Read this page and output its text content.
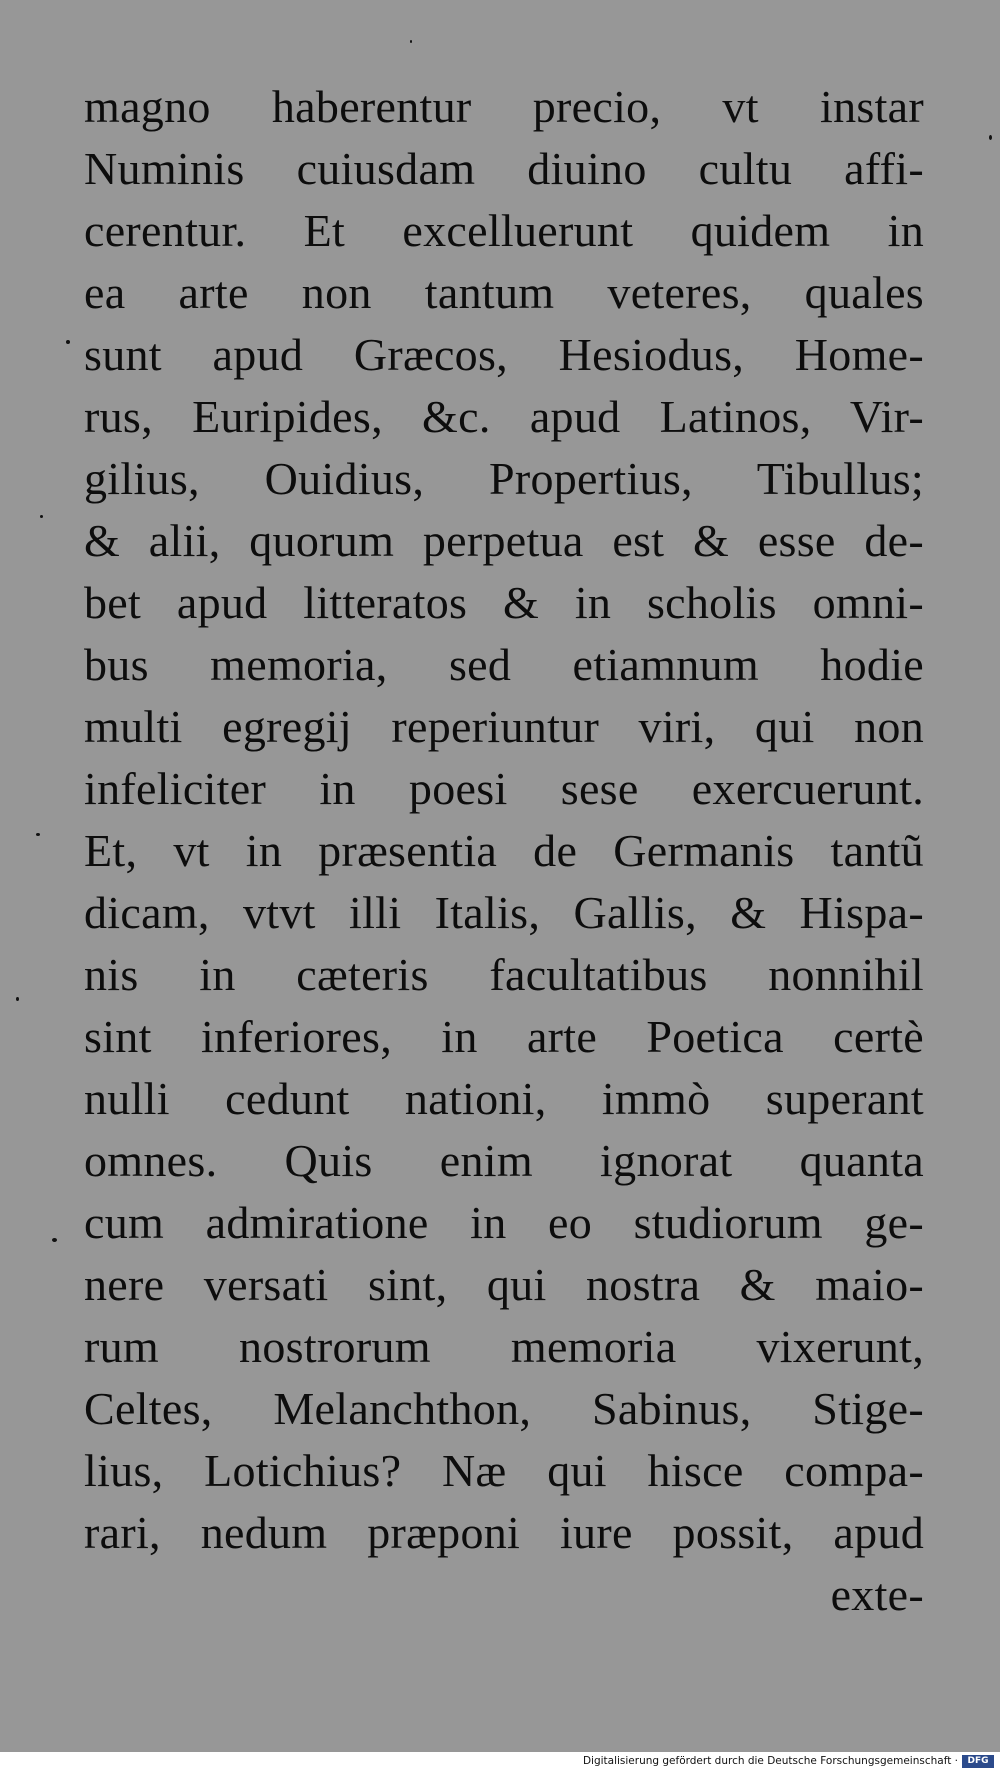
magno haberentur precio, vt instar
Numinis cuiusdam diuino cultu affi-
cerentur. Et excelluerunt quidem in
ea arte non tantum veteres, quales
sunt apud Græcos, Hesiodus, Home-
rus, Euripides, &c. apud Latinos, Vir-
gilius, Ouidius, Propertius, Tibullus;
& alii, quorum perpetua est & esse de-
bet apud litteratos & in scholis omni-
bus memoria, sed etiamnum hodie
multi egregij reperiuntur viri, qui non
infeliciter in poesi sese exercuerunt.
Et, vt in præsentia de Germanis tantũ
dicam, vtvt illi Italis, Gallis, & Hispa-
nis in cæteris facultatibus nonnihil
sint inferiores, in arte Poetica certè
nulli cedunt nationi, immò superant
omnes. Quis enim ignorat quanta
cum admiratione in eo studiorum ge-
nere versati sint, qui nostra & maio-
rum nostrorum memoria vixerunt,
Celtes, Melanchthon, Sabinus, Stige-
lius, Lotichius? Næ qui hisce compa-
rari, nedum præponi iure possit, apud
exte-
Digitalisierung gefördert durch die Deutsche Forschungsgemeinschaft ·	DFG
